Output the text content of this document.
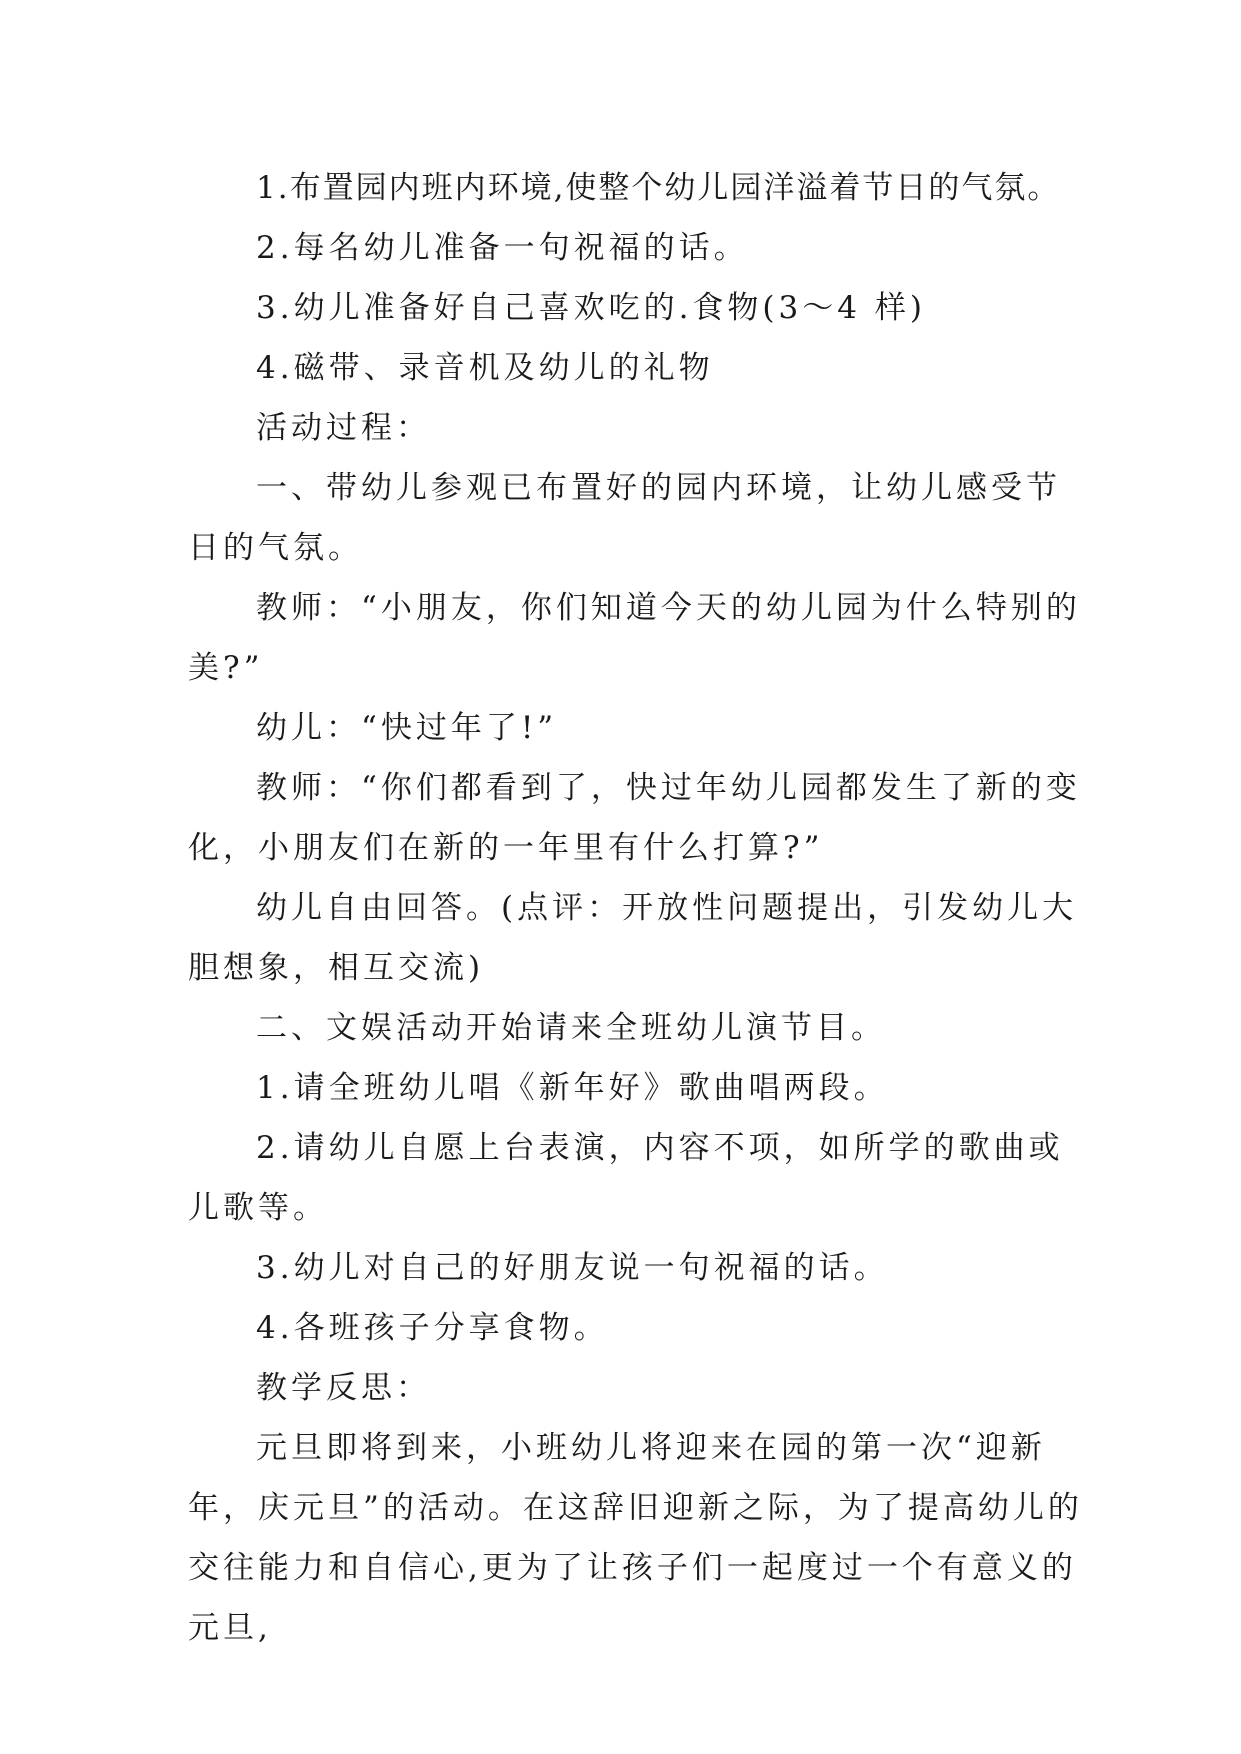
1.布置园内班内环境,使整个幼儿园洋溢着节日的气氛。

2.每名幼儿准备一句祝福的话。

3.幼儿准备好自己喜欢吃的.食物(3～4 样)

4.磁带、录音机及幼儿的礼物

活动过程：

一、带幼儿参观已布置好的园内环境，让幼儿感受节日的气氛。

教师：“小朋友，你们知道今天的幼儿园为什么特别的美?”

幼儿：“快过年了!”

教师：“你们都看到了，快过年幼儿园都发生了新的变化，小朋友们在新的一年里有什么打算?”

幼儿自由回答。(点评：开放性问题提出，引发幼儿大胆想象，相互交流)

二、文娱活动开始请来全班幼儿演节目。

1.请全班幼儿唱《新年好》歌曲唱两段。

2.请幼儿自愿上台表演，内容不项，如所学的歌曲或儿歌等。

3.幼儿对自己的好朋友说一句祝福的话。

4.各班孩子分享食物。

教学反思：

元旦即将到来，小班幼儿将迎来在园的第一次“迎新年，庆元旦”的活动。在这辞旧迎新之际，为了提高幼儿的交往能力和自信心,更为了让孩子们一起度过一个有意义的元旦,
